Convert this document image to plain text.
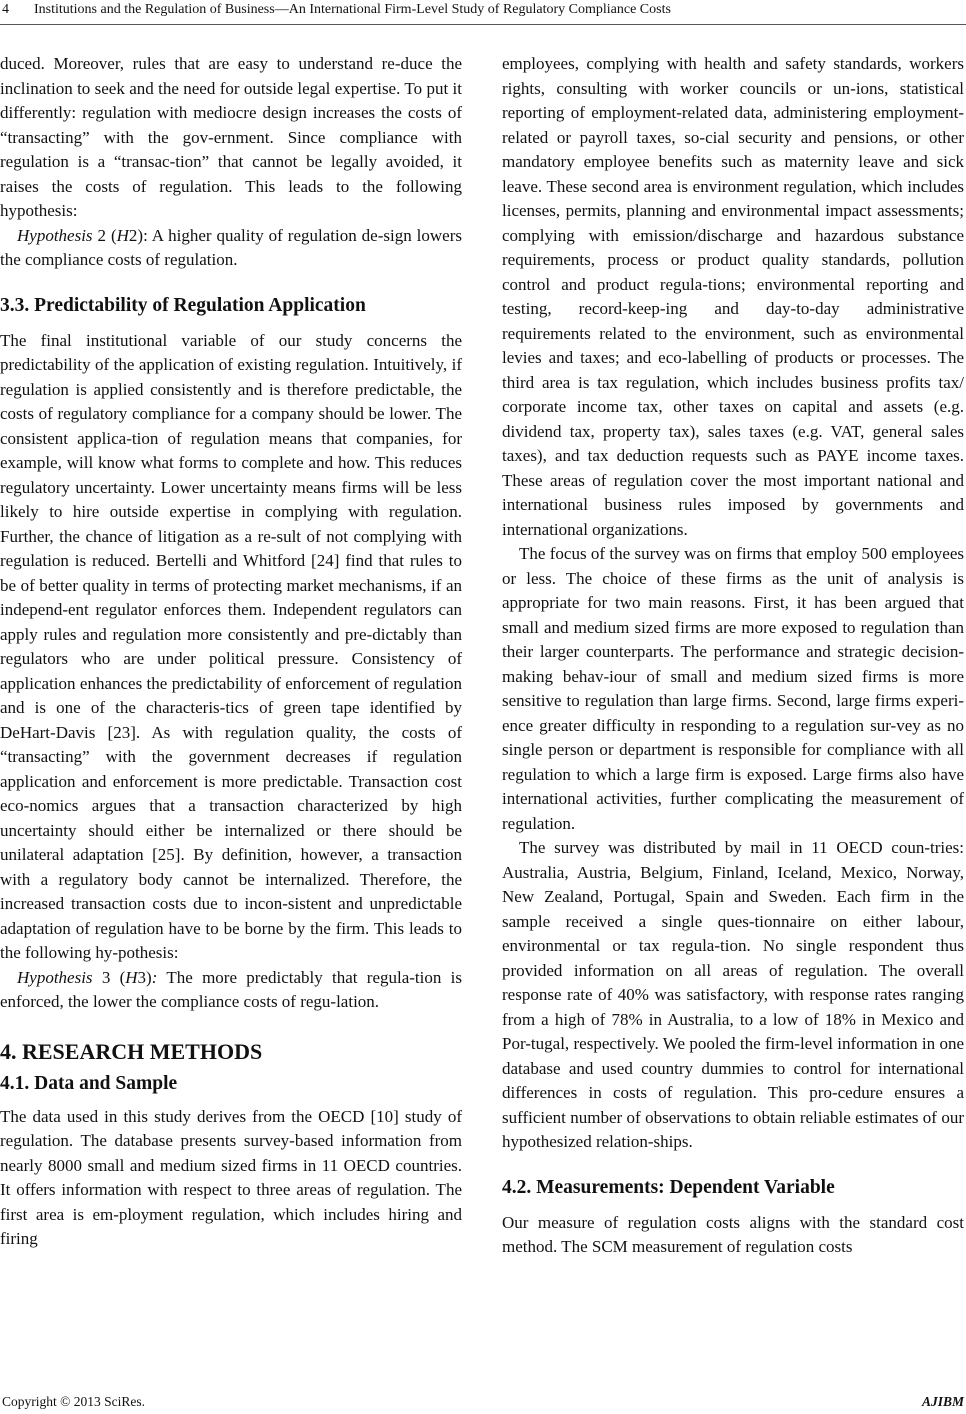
4 Institutions and the Regulation of Business—An International Firm-Level Study of Regulatory Compliance Costs

duced. Moreover, rules that are easy to understand re-duce the inclination to seek and the need for outside legal expertise. To put it differently: regulation with mediocre design increases the costs of “transacting” with the gov-ernment. Since compliance with regulation is a “transac-tion” that cannot be legally avoided, it raises the costs of regulation. This leads to the following hypothesis:

Hypothesis 2 (H2): A higher quality of regulation de-sign lowers the compliance costs of regulation.

3.3. Predictability of Regulation Application

The final institutional variable of our study concerns the predictability of the application of existing regulation. Intuitively, if regulation is applied consistently and is therefore predictable, the costs of regulatory compliance for a company should be lower. The consistent applica-tion of regulation means that companies, for example, will know what forms to complete and how. This reduces regulatory uncertainty. Lower uncertainty means firms will be less likely to hire outside expertise in complying with regulation. Further, the chance of litigation as a re-sult of not complying with regulation is reduced. Bertelli and Whitford [24] find that rules to be of better quality in terms of protecting market mechanisms, if an independ-ent regulator enforces them. Independent regulators can apply rules and regulation more consistently and pre-dictably than regulators who are under political pressure. Consistency of application enhances the predictability of enforcement of regulation and is one of the characteris-tics of green tape identified by DeHart-Davis [23]. As with regulation quality, the costs of “transacting” with the government decreases if regulation application and enforcement is more predictable. Transaction cost eco-nomics argues that a transaction characterized by high uncertainty should either be internalized or there should be unilateral adaptation [25]. By definition, however, a transaction with a regulatory body cannot be internalized. Therefore, the increased transaction costs due to incon-sistent and unpredictable adaptation of regulation have to be borne by the firm. This leads to the following hy-pothesis:

Hypothesis 3 (H3): The more predictably that regula-tion is enforced, the lower the compliance costs of regu-lation.

4. RESEARCH METHODS
4.1. Data and Sample

The data used in this study derives from the OECD [10] study of regulation. The database presents survey-based information from nearly 8000 small and medium sized firms in 11 OECD countries. It offers information with respect to three areas of regulation. The first area is em-ployment regulation, which includes hiring and firing

employees, complying with health and safety standards, workers rights, consulting with worker councils or un-ions, statistical reporting of employment-related data, administering employment-related or payroll taxes, so-cial security and pensions, or other mandatory employee benefits such as maternity leave and sick leave. These second area is environment regulation, which includes licenses, permits, planning and environmental impact assessments; complying with emission/discharge and hazardous substance requirements, process or product quality standards, pollution control and product regula-tions; environmental reporting and testing, record-keep-ing and day-to-day administrative requirements related to the environment, such as environmental levies and taxes; and eco-labelling of products or processes. The third area is tax regulation, which includes business profits tax/ corporate income tax, other taxes on capital and assets (e.g. dividend tax, property tax), sales taxes (e.g. VAT, general sales taxes), and tax deduction requests such as PAYE income taxes. These areas of regulation cover the most important national and international business rules imposed by governments and international organizations.

The focus of the survey was on firms that employ 500 employees or less. The choice of these firms as the unit of analysis is appropriate for two main reasons. First, it has been argued that small and medium sized firms are more exposed to regulation than their larger counterparts. The performance and strategic decision-making behav-iour of small and medium sized firms is more sensitive to regulation than large firms. Second, large firms experi-ence greater difficulty in responding to a regulation sur-vey as no single person or department is responsible for compliance with all regulation to which a large firm is exposed. Large firms also have international activities, further complicating the measurement of regulation.

The survey was distributed by mail in 11 OECD coun-tries: Australia, Austria, Belgium, Finland, Iceland, Mexico, Norway, New Zealand, Portugal, Spain and Sweden. Each firm in the sample received a single ques-tionnaire on either labour, environmental or tax regula-tion. No single respondent thus provided information on all areas of regulation. The overall response rate of 40% was satisfactory, with response rates ranging from a high of 78% in Australia, to a low of 18% in Mexico and Por-tugal, respectively. We pooled the firm-level information in one database and used country dummies to control for international differences in costs of regulation. This pro-cedure ensures a sufficient number of observations to obtain reliable estimates of our hypothesized relation-ships.

4.2. Measurements: Dependent Variable

Our measure of regulation costs aligns with the standard cost method. The SCM measurement of regulation costs

Copyright © 2013 SciRes.	AJIBM
